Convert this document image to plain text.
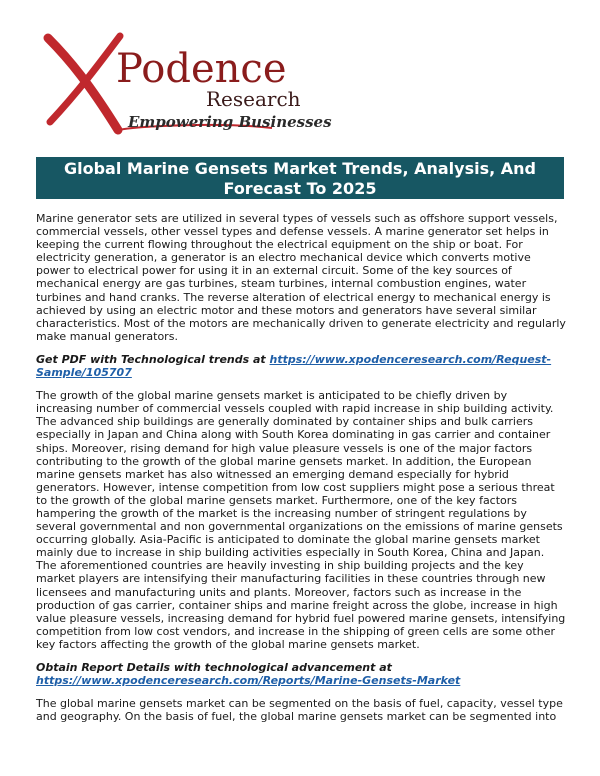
Podence
Research
Empowering Businesses
Global Marine Gensets Market Trends, Analysis, And Forecast To 2025

Marine generator sets are utilized in several types of vessels such as offshore support vessels, commercial vessels, other vessel types and defense vessels. A marine generator set helps in keeping the current flowing throughout the electrical equipment on the ship or boat. For electricity generation, a generator is an electro mechanical device which converts motive power to electrical power for using it in an external circuit. Some of the key sources of mechanical energy are gas turbines, steam turbines, internal combustion engines, water turbines and hand cranks. The reverse alteration of electrical energy to mechanical energy is achieved by using an electric motor and these motors and generators have several similar characteristics. Most of the motors are mechanically driven to generate electricity and regularly make manual generators.

Get PDF with Technological trends at https://www.xpodenceresearch.com/Request-Sample/105707

The growth of the global marine gensets market is anticipated to be chiefly driven by increasing number of commercial vessels coupled with rapid increase in ship building activity. The advanced ship buildings are generally dominated by container ships and bulk carriers especially in Japan and China along with South Korea dominating in gas carrier and container ships. Moreover, rising demand for high value pleasure vessels is one of the major factors contributing to the growth of the global marine gensets market. In addition, the European marine gensets market has also witnessed an emerging demand especially for hybrid generators. However, intense competition from low cost suppliers might pose a serious threat to the growth of the global marine gensets market. Furthermore, one of the key factors hampering the growth of the market is the increasing number of stringent regulations by several governmental and non governmental organizations on the emissions of marine gensets occurring globally. Asia-Pacific is anticipated to dominate the global marine gensets market mainly due to increase in ship building activities especially in South Korea, China and Japan. The aforementioned countries are heavily investing in ship building projects and the key market players are intensifying their manufacturing facilities in these countries through new licensees and manufacturing units and plants. Moreover, factors such as increase in the production of gas carrier, container ships and marine freight across the globe, increase in high value pleasure vessels, increasing demand for hybrid fuel powered marine gensets, intensifying competition from low cost vendors, and increase in the shipping of green cells are some other key factors affecting the growth of the global marine gensets market.

Obtain Report Details with technological advancement at
https://www.xpodenceresearch.com/Reports/Marine-Gensets-Market

The global marine gensets market can be segmented on the basis of fuel, capacity, vessel type and geography. On the basis of fuel, the global marine gensets market can be segmented into
